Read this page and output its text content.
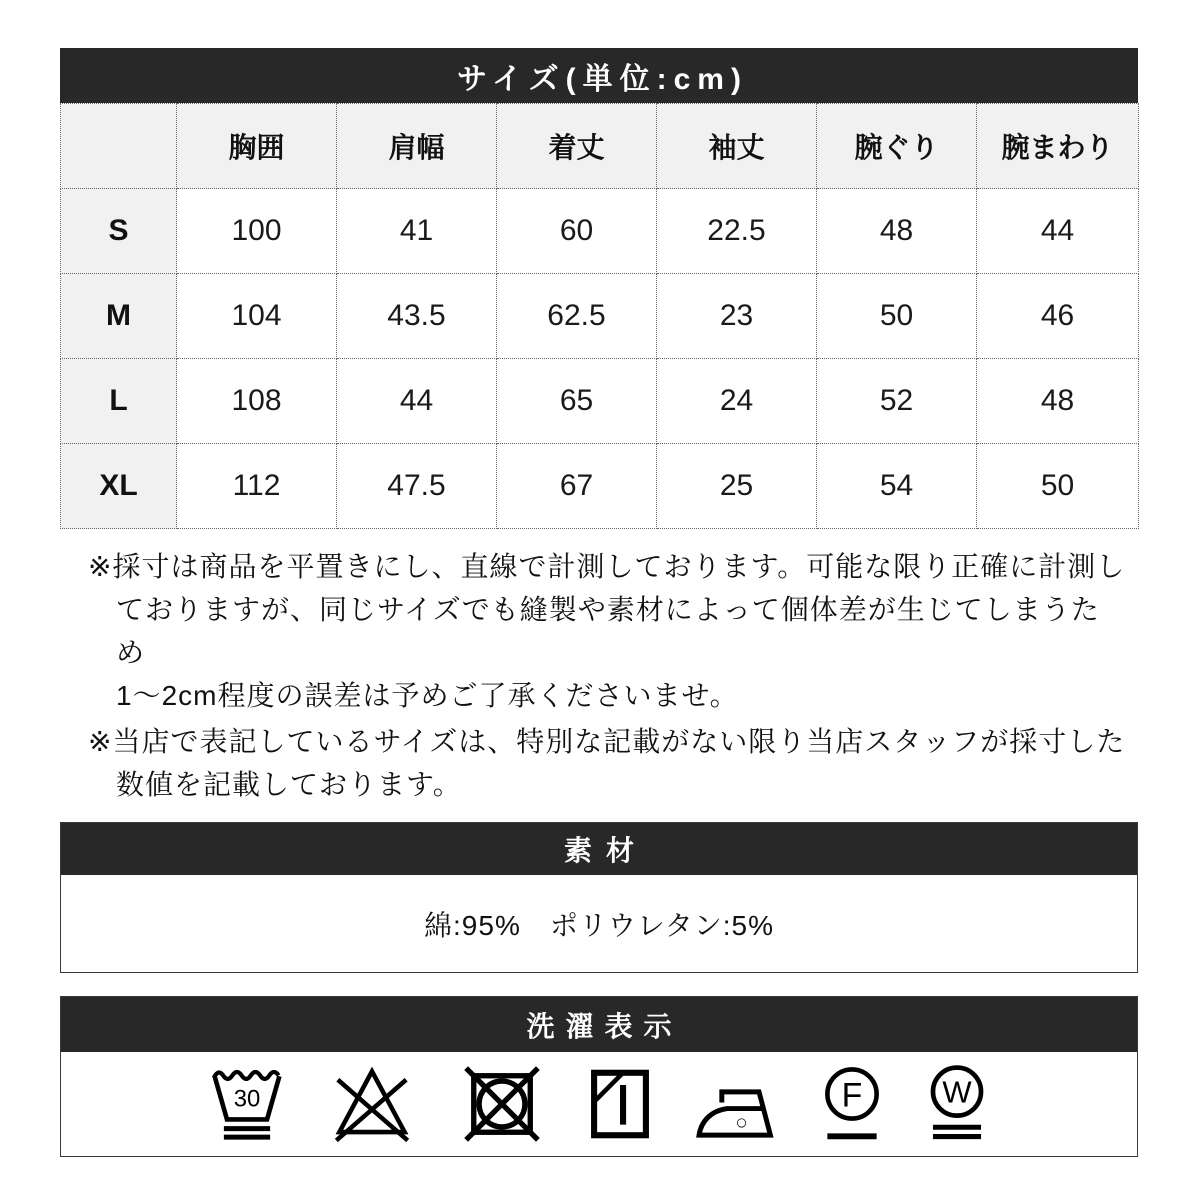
サイズ(単位:cm)
	胸囲	肩幅	着丈	袖丈	腕ぐり	腕まわり
S	100	41	60	22.5	48	44
M	104	43.5	62.5	23	50	46
L	108	44	65	24	52	48
XL	112	47.5	67	25	54	50
※採寸は商品を平置きにし、直線で計測しております。可能な限り正確に計測し
ておりますが、同じサイズでも縫製や素材によって個体差が生じてしまうため
1〜2cm程度の誤差は予めご了承くださいませ。
※当店で表記しているサイズは、特別な記載がない限り当店スタッフが採寸した
数値を記載しております。
素材
綿:95%　ポリウレタン:5%
洗濯表示
30	F W
